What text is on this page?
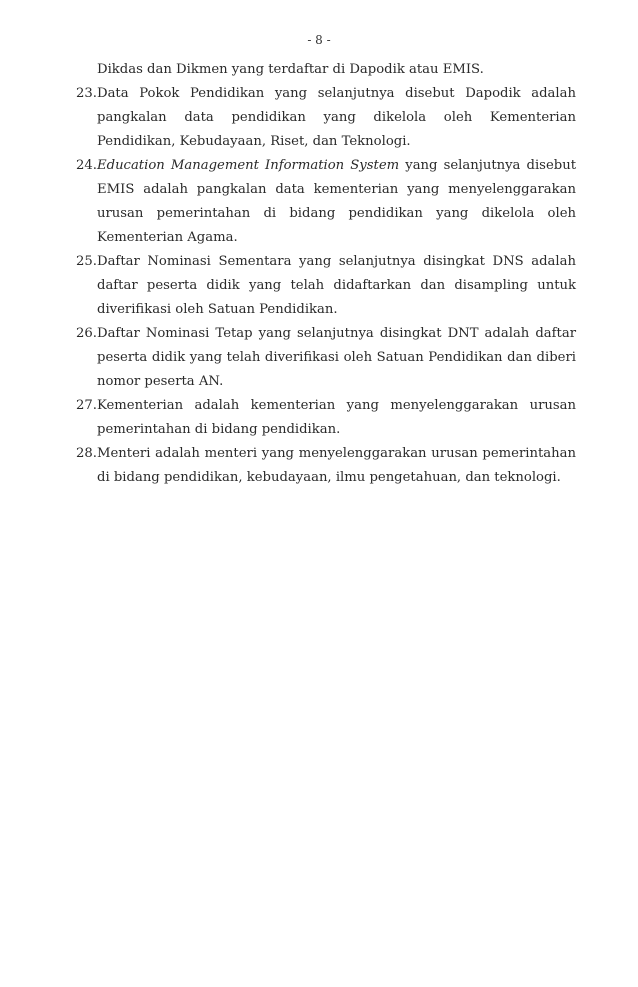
- 8 -

Dikdas dan Dikmen yang terdaftar di Dapodik atau EMIS.

23. Data Pokok Pendidikan yang selanjutnya disebut Dapodik adalah pangkalan data pendidikan yang dikelola oleh Kementerian Pendidikan, Kebudayaan, Riset, dan Teknologi.
24. Education Management Information System yang selanjutnya disebut EMIS adalah pangkalan data kementerian yang menyelenggarakan urusan pemerintahan di bidang pendidikan yang dikelola oleh Kementerian Agama.
25. Daftar Nominasi Sementara yang selanjutnya disingkat DNS adalah daftar peserta didik yang telah didaftarkan dan disampling untuk diverifikasi oleh Satuan Pendidikan.
26. Daftar Nominasi Tetap yang selanjutnya disingkat DNT adalah daftar peserta didik yang telah diverifikasi oleh Satuan Pendidikan dan diberi nomor peserta AN.
27. Kementerian adalah kementerian yang menyelenggarakan urusan pemerintahan di bidang pendidikan.
28. Menteri adalah menteri yang menyelenggarakan urusan pemerintahan di bidang pendidikan, kebudayaan, ilmu pengetahuan, dan teknologi.
